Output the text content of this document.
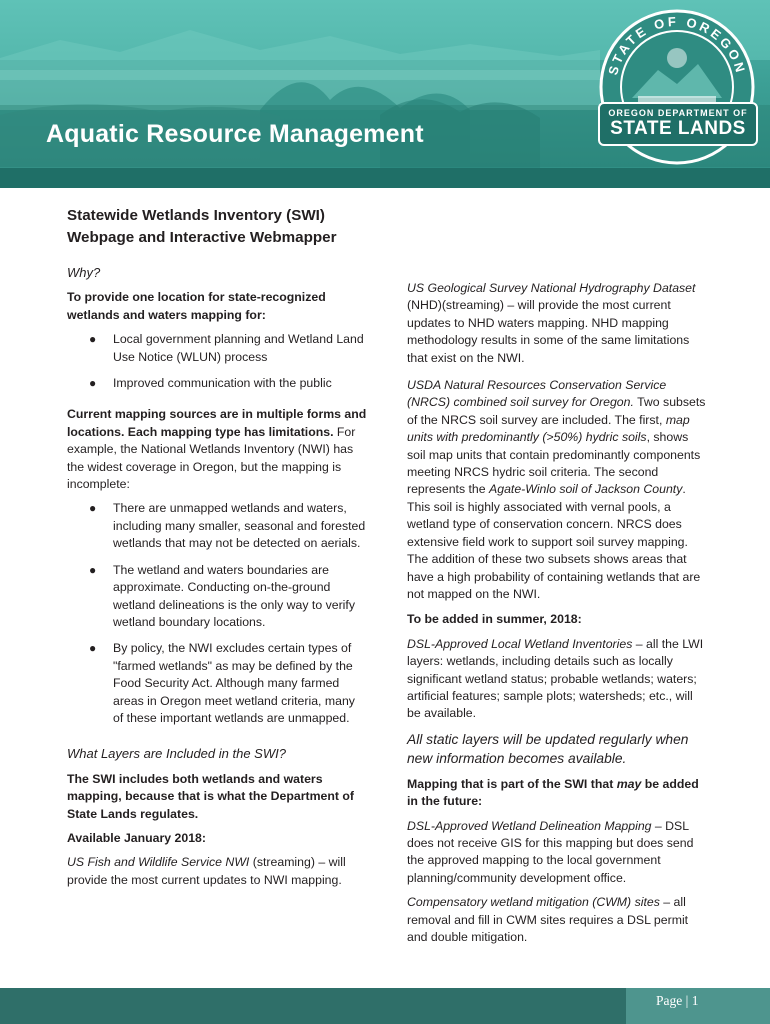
Aquatic Resource Management
STATE OF OREGON
OREGON DEPARTMENT OF
STATE LANDS
Statewide Wetlands Inventory (SWI)
Webpage and Interactive Webmapper

Why?

To provide one location for state-recognized wetlands and waters mapping for:

● Local government planning and Wetland Land Use Notice (WLUN) process
● Improved communication with the public

Current mapping sources are in multiple forms and locations. Each mapping type has limitations. For example, the National Wetlands Inventory (NWI) has the widest coverage in Oregon, but the mapping is incomplete:

● There are unmapped wetlands and waters, including many smaller, seasonal and forested wetlands that may not be detected on aerials.
● The wetland and waters boundaries are approximate. Conducting on-the-ground wetland delineations is the only way to verify wetland boundary locations.
● By policy, the NWI excludes certain types of "farmed wetlands" as may be defined by the Food Security Act. Although many farmed areas in Oregon meet wetland criteria, many of these important wetlands are unmapped.

What Layers are Included in the SWI?

The SWI includes both wetlands and waters mapping, because that is what the Department of State Lands regulates.

Available January 2018:

US Fish and Wildlife Service NWI (streaming) – will provide the most current updates to NWI mapping.

US Geological Survey National Hydrography Dataset (NHD)(streaming) – will provide the most current updates to NHD waters mapping. NHD mapping methodology results in some of the same limitations that exist on the NWI.

USDA Natural Resources Conservation Service (NRCS) combined soil survey for Oregon. Two subsets of the NRCS soil survey are included. The first, map units with predominantly (>50%) hydric soils, shows soil map units that contain predominantly components meeting NRCS hydric soil criteria. The second represents the Agate-Winlo soil of Jackson County. This soil is highly associated with vernal pools, a wetland type of conservation concern. NRCS does extensive field work to support soil survey mapping. The addition of these two subsets shows areas that have a high probability of containing wetlands that are not mapped on the NWI.

To be added in summer, 2018:

DSL-Approved Local Wetland Inventories – all the LWI layers: wetlands, including details such as locally significant wetland status; probable wetlands; waters; artificial features; sample plots; watersheds; etc., will be available.

All static layers will be updated regularly when new information becomes available.

Mapping that is part of the SWI that may be added in the future:

DSL-Approved Wetland Delineation Mapping – DSL does not receive GIS for this mapping but does send the approved mapping to the local government planning/community development office.

Compensatory wetland mitigation (CWM) sites – all removal and fill in CWM sites requires a DSL permit and double mitigation.

Page | 1
